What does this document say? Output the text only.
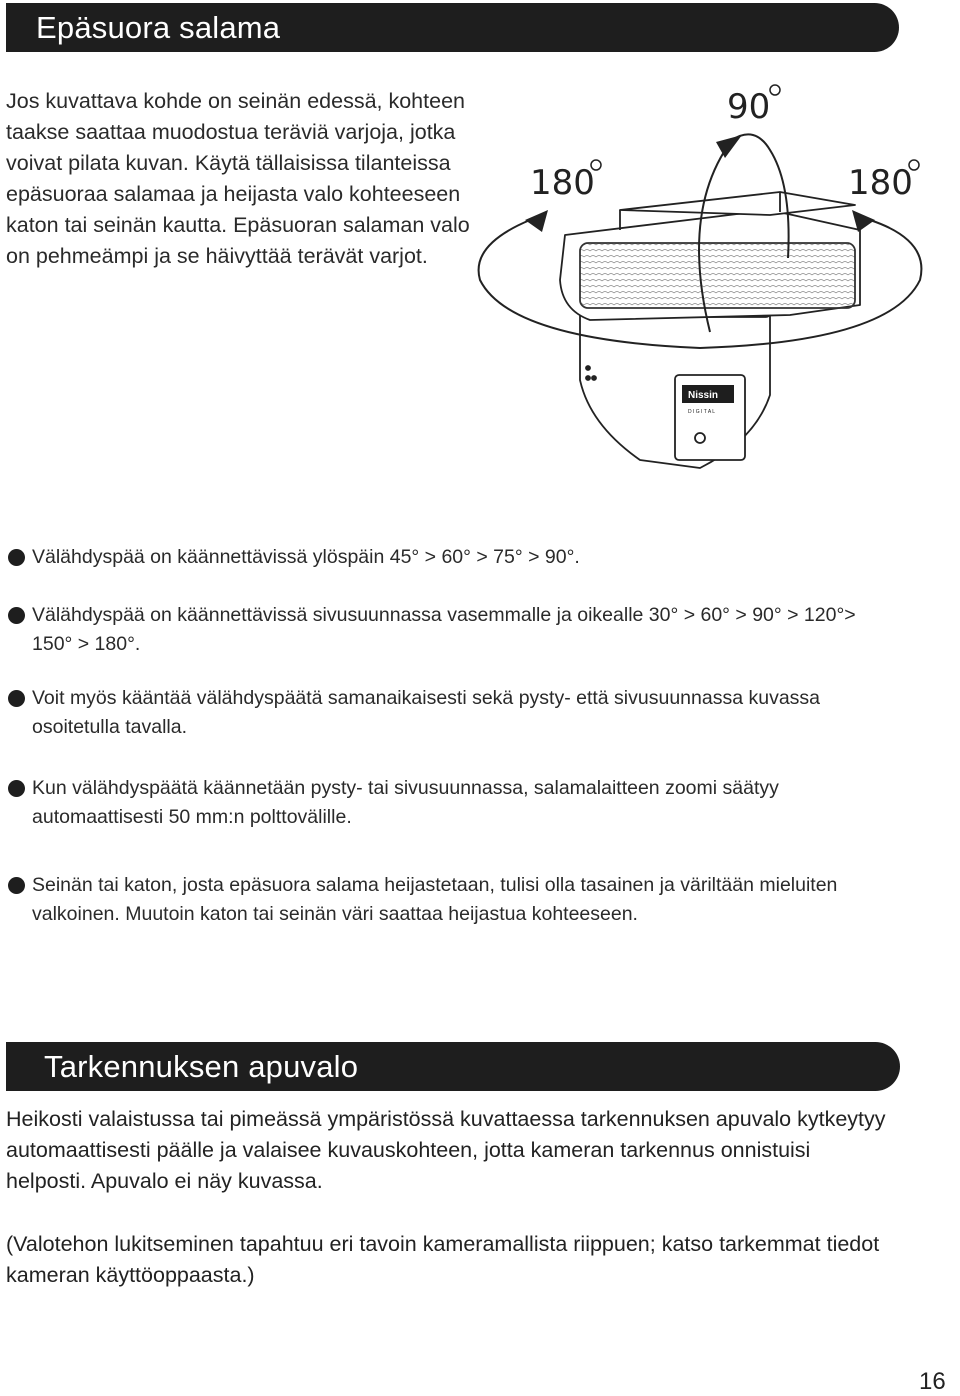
Epäsuora salama

Jos kuvattava kohde on seinän edessä, kohteen taakse saattaa muodostua teräviä varjoja, jotka voivat pilata kuvan. Käytä tällaisissa tilanteissa epäsuoraa salamaa ja heijasta valo kohteeseen katon tai seinän kautta. Epäsuoran salaman valo on pehmeämpi ja se häivyttää terävät varjot.

Nissin
D I G I T A L
90
180	180
Välähdyspää on käännettävissä ylöspäin 45° > 60° > 75° > 90°.
Välähdyspää on käännettävissä sivusuunnassa vasemmalle ja oikealle 30° > 60° > 90° > 120°> 150° > 180°.
Voit myös kääntää välähdyspäätä samanaikaisesti sekä pysty- että sivusuunnassa kuvassa osoitetulla tavalla.
Kun välähdyspäätä käännetään pysty- tai sivusuunnassa, salamalaitteen zoomi säätyy automaattisesti 50 mm:n polttovälille.
Seinän tai katon, josta epäsuora salama heijastetaan, tulisi olla tasainen ja väriltään mieluiten valkoinen. Muutoin katon tai seinän väri saattaa heijastua kohteeseen.
Tarkennuksen apuvalo

Heikosti valaistussa tai pimeässä ympäristössä kuvattaessa tarkennuksen apuvalo kytkeytyy automaattisesti päälle ja valaisee kuvauskohteen, jotta kameran tarkennus onnistuisi helposti. Apuvalo ei näy kuvassa.

(Valotehon lukitseminen tapahtuu eri tavoin kameramallista riippuen; katso tarkemmat tiedot kameran käyttöoppaasta.)

16
